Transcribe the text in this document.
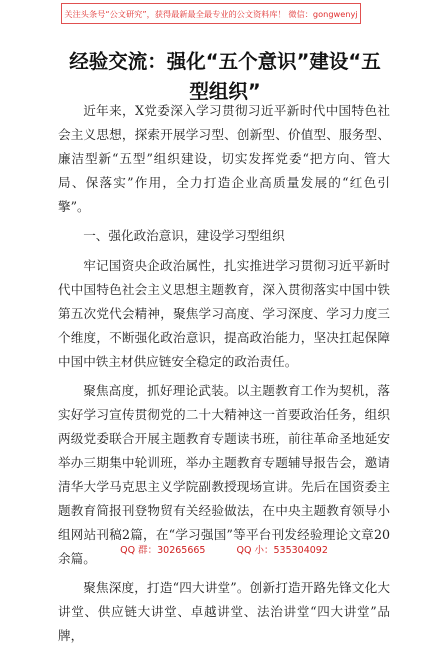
关注头条号“公文研究”，获得最新最全最专业的公文资料库！ 微信：gongwenyj
经验交流：强化“五个意识”建设“五型组织”

近年来，X党委深入学习贯彻习近平新时代中国特色社会主义思想，探索开展学习型、创新型、价值型、服务型、廉洁型新“五型”组织建设，切实发挥党委“把方向、管大局、保落实”作用，全力打造企业高质量发展的“红色引擎”。

一、强化政治意识，建设学习型组织

牢记国资央企政治属性，扎实推进学习贯彻习近平新时代中国特色社会主义思想主题教育，深入贯彻落实中国中铁第五次党代会精神，聚焦学习高度、学习深度、学习力度三个维度，不断强化政治意识，提高政治能力，坚决扛起保障中国中铁主材供应链安全稳定的政治责任。

聚焦高度，抓好理论武装。以主题教育工作为契机，落实好学习宣传贯彻党的二十大精神这一首要政治任务，组织两级党委联合开展主题教育专题读书班，前往革命圣地延安举办三期集中轮训班，举办主题教育专题辅导报告会，邀请清华大学马克思主义学院副教授现场宣讲。先后在国资委主题教育简报刊登物贸有关经验做法，在中央主题教育领导小组网站刊稿2篇，在“学习强国”等平台刊发经验理论文章20余篇。

聚焦深度，打造“四大讲堂”。创新打造开路先锋文化大讲堂、供应链大讲堂、卓越讲堂、法治讲堂“四大讲堂”品牌，

QQ 群：30265665	QQ 小：535304092
